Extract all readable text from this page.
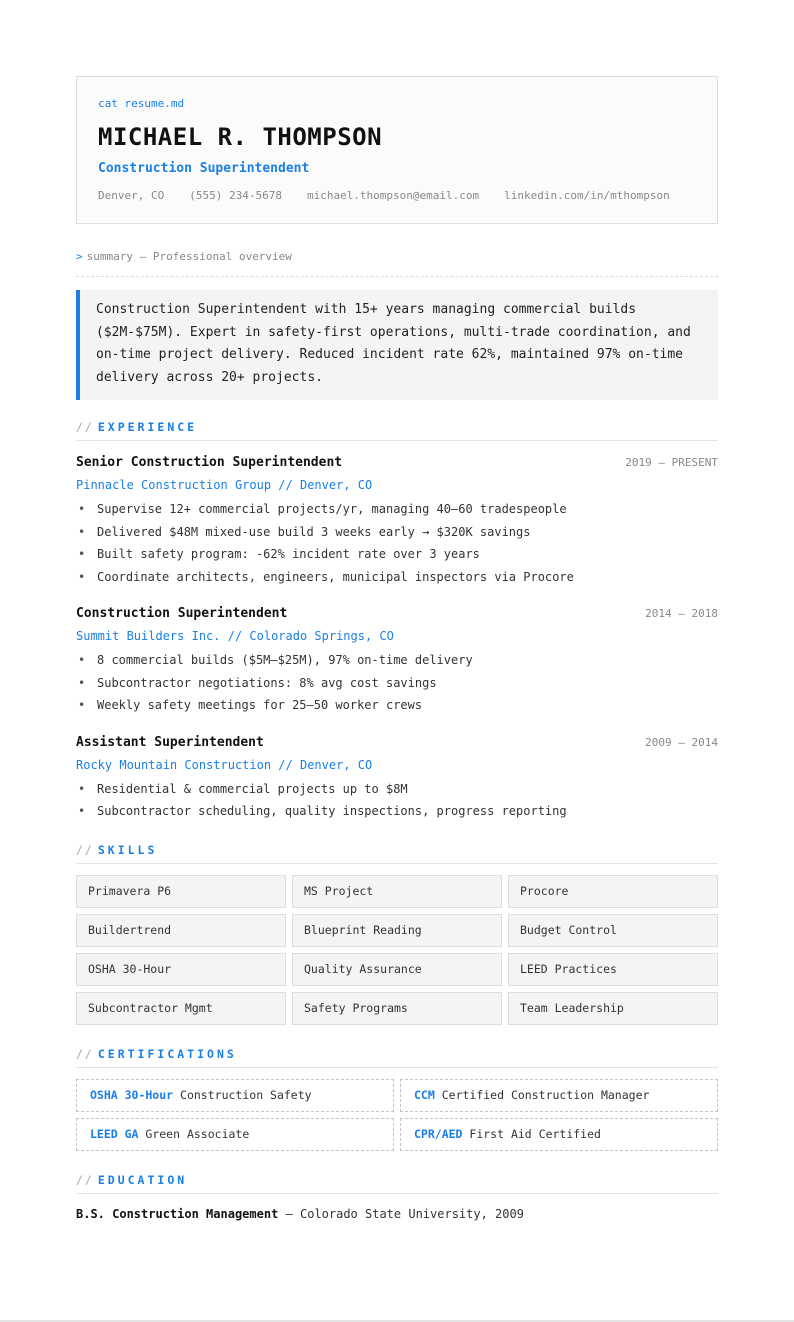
cat resume.md
MICHAEL R. THOMPSON
Construction Superintendent
Denver, CO (555) 234-5678 michael.thompson@email.com linkedin.com/in/mthompson
> summary — Professional overview
Construction Superintendent with 15+ years managing commercial builds ($2M-$75M). Expert in safety-first operations, multi-trade coordination, and on-time project delivery. Reduced incident rate 62%, maintained 97% on-time delivery across 20+ projects.
// EXPERIENCE
Senior Construction Superintendent	2019 — PRESENT
Pinnacle Construction Group // Denver, CO
• Supervise 12+ commercial projects/yr, managing 40–60 tradespeople
• Delivered $48M mixed-use build 3 weeks early → $320K savings
• Built safety program: -62% incident rate over 3 years
• Coordinate architects, engineers, municipal inspectors via Procore
Construction Superintendent	2014 — 2018
Summit Builders Inc. // Colorado Springs, CO
• 8 commercial builds ($5M–$25M), 97% on-time delivery
• Subcontractor negotiations: 8% avg cost savings
• Weekly safety meetings for 25–50 worker crews
Assistant Superintendent	2009 — 2014
Rocky Mountain Construction // Denver, CO
• Residential & commercial projects up to $8M
• Subcontractor scheduling, quality inspections, progress reporting
// SKILLS
Primavera P6	MS Project	Procore
Buildertrend	Blueprint Reading	Budget Control
OSHA 30-Hour	Quality Assurance	LEED Practices
Subcontractor Mgmt	Safety Programs	Team Leadership
// CERTIFICATIONS
OSHA 30-Hour Construction Safety	CCM Certified Construction Manager
LEED GA Green Associate	CPR/AED First Aid Certified
// EDUCATION
B.S. Construction Management — Colorado State University, 2009
